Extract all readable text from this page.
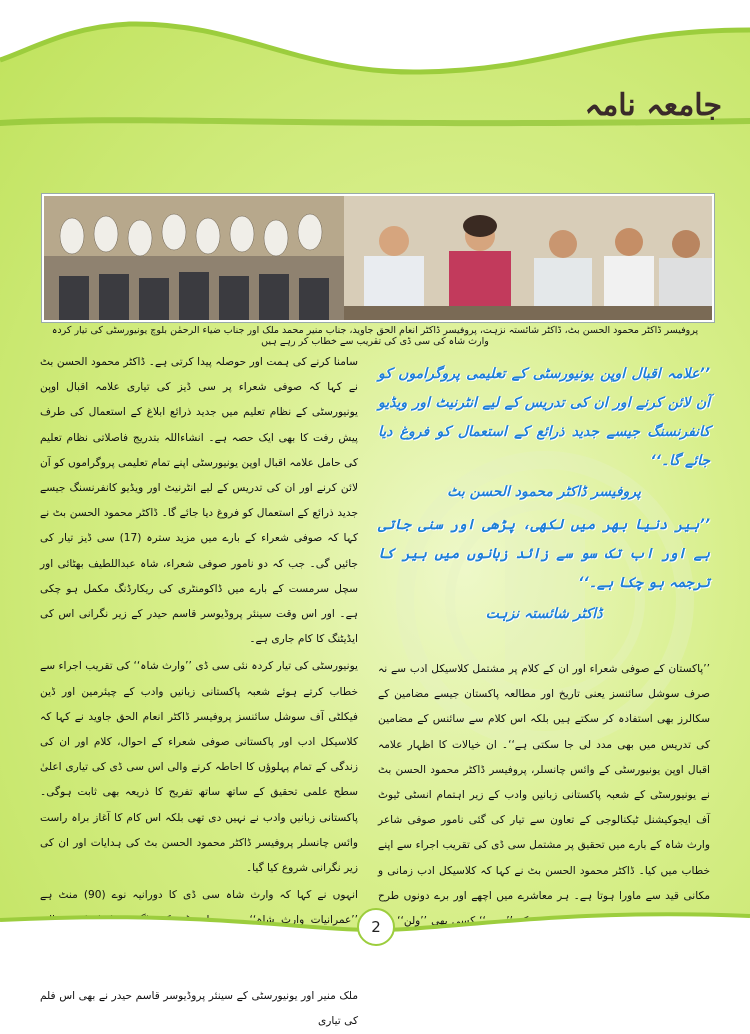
جامعہ نامہ
پروفیسر ڈاکٹر محمود الحسن بٹ، ڈاکٹر شائستہ نزہت، پروفیسر ڈاکٹر انعام الحق جاوید، جناب منیر محمد ملک اور جناب ضیاء الرحمٰن بلوچ یونیورسٹی کی تیار کردہ وارث شاہ کی سی ڈی کی تقریب سے خطاب کر رہے ہیں

سامنا کرنے کی ہمت اور حوصلہ پیدا کرتی ہے۔ ڈاکٹر محمود الحسن بٹ نے کہا کہ صوفی شعراء پر سی ڈیز کی تیاری علامہ اقبال اوپن یونیورسٹی کے نظام تعلیم میں جدید ذرائع ابلاغ کے استعمال کی طرف پیش رفت کا بھی ایک حصہ ہے۔ انشاءاللہ بتدریج فاصلاتی نظام تعلیم کی حامل علامہ اقبال اوپن یونیورسٹی اپنے تمام تعلیمی پروگراموں کو آن لائن کرنے اور ان کی تدریس کے لیے انٹرنیٹ اور ویڈیو کانفرنسنگ جیسے جدید ذرائع کے استعمال کو فروغ دیا جائے گا۔ ڈاکٹر محمود الحسن بٹ نے کہا کہ صوفی شعراء کے بارے میں مزید سترہ (17) سی ڈیز تیار کی جائیں گی۔ جب کہ دو نامور صوفی شعراء، شاہ عبداللطیف بھٹائی اور سچل سرمست کے بارے میں ڈاکومنٹری کی ریکارڈنگ مکمل ہو چکی ہے۔ اور اس وقت سینئر پروڈیوسر قاسم حیدر کے زیر نگرانی اس کی ایڈیٹنگ کا کام جاری ہے۔

یونیورسٹی کی تیار کردہ نئی سی ڈی ’’وارث شاہ‘‘ کی تقریب اجراء سے خطاب کرتے ہوئے شعبہ پاکستانی زبانیں وادب کے چیئرمین اور ڈین فیکلٹی آف سوشل سائنسز پروفیسر ڈاکٹر انعام الحق جاوید نے کہا کہ کلاسیکل ادب اور پاکستانی صوفی شعراء کے احوال، کلام اور ان کی زندگی کے تمام پہلوؤں کا احاطہ کرنے والی اس سی ڈی کی تیاری اعلیٰ سطح علمی تحقیق کے ساتھ ساتھ تفریح کا ذریعہ بھی ثابت ہوگی۔ پاکستانی زبانیں وادب نے نہیں دی تھی بلکہ اس کام کا آغاز براہ راست وائس چانسلر پروفیسر ڈاکٹر محمود الحسن بٹ کی ہدایات اور ان کی زیر نگرانی شروع کیا گیا۔

انہوں نے کہا کہ وارث شاہ سی ڈی کا دورانیہ نوے (90) منٹ ہے ’’عمرانیات وارث شاہ‘‘ پر پی ملک منیر اور یونیورسٹی کے سینئر پروڈیوسر قاسم حیدر نے بھی اس فلم کی تیاری

’’علامہ اقبال اوپن یونیورسٹی کے تعلیمی پروگراموں کو آن لائن کرنے اور ان کی تدریس کے لیے انٹرنیٹ اور ویڈیو کانفرنسنگ جیسے جدید ذرائع کے استعمال کو فروغ دیا جائے گا۔‘‘
پروفیسر ڈاکٹر محمود الحسن بٹ
’’ہیر دنیا بھر میں لکھی، پڑھی اور سنی جاتی ہے اور اب تک سو سے زائد زبانوں میں ہیر کا ترجمہ ہو چکا ہے۔‘‘
ڈاکٹر شائستہ نزہت
’’پاکستان کے صوفی شعراء اور ان کے کلام پر مشتمل کلاسیکل ادب سے نہ صرف سوشل سائنسز یعنی تاریخ اور مطالعہ پاکستان جیسے مضامین کے سکالرز بھی استفادہ کر سکتے ہیں بلکہ اس کلام سے سائنس کے مضامین کی تدریس میں بھی مدد لی جا سکتی ہے‘‘۔ ان خیالات کا اظہار علامہ اقبال اوپن یونیورسٹی کے وائس چانسلر، پروفیسر ڈاکٹر محمود الحسن بٹ نے یونیورسٹی کے شعبہ پاکستانی زبانیں وادب کے زیر اہتمام انسٹی ٹیوٹ آف ایجوکیشنل ٹیکنالوجی کے تعاون سے تیار کی گئی نامور صوفی شاعر وارث شاہ کے بارے میں تحقیق پر مشتمل سی ڈی کی تقریب اجراء سے اپنے خطاب میں کیا۔ ڈاکٹر محمود الحسن بٹ نے کہا کہ کلاسیکل ادب زمانی و مکانی قید سے ماورا ہوتا ہے۔ ہر معاشرے میں اچھے اور برے دونوں طرح ’’ہیرو‘‘ کسی بھی ’’ولن‘‘
2
